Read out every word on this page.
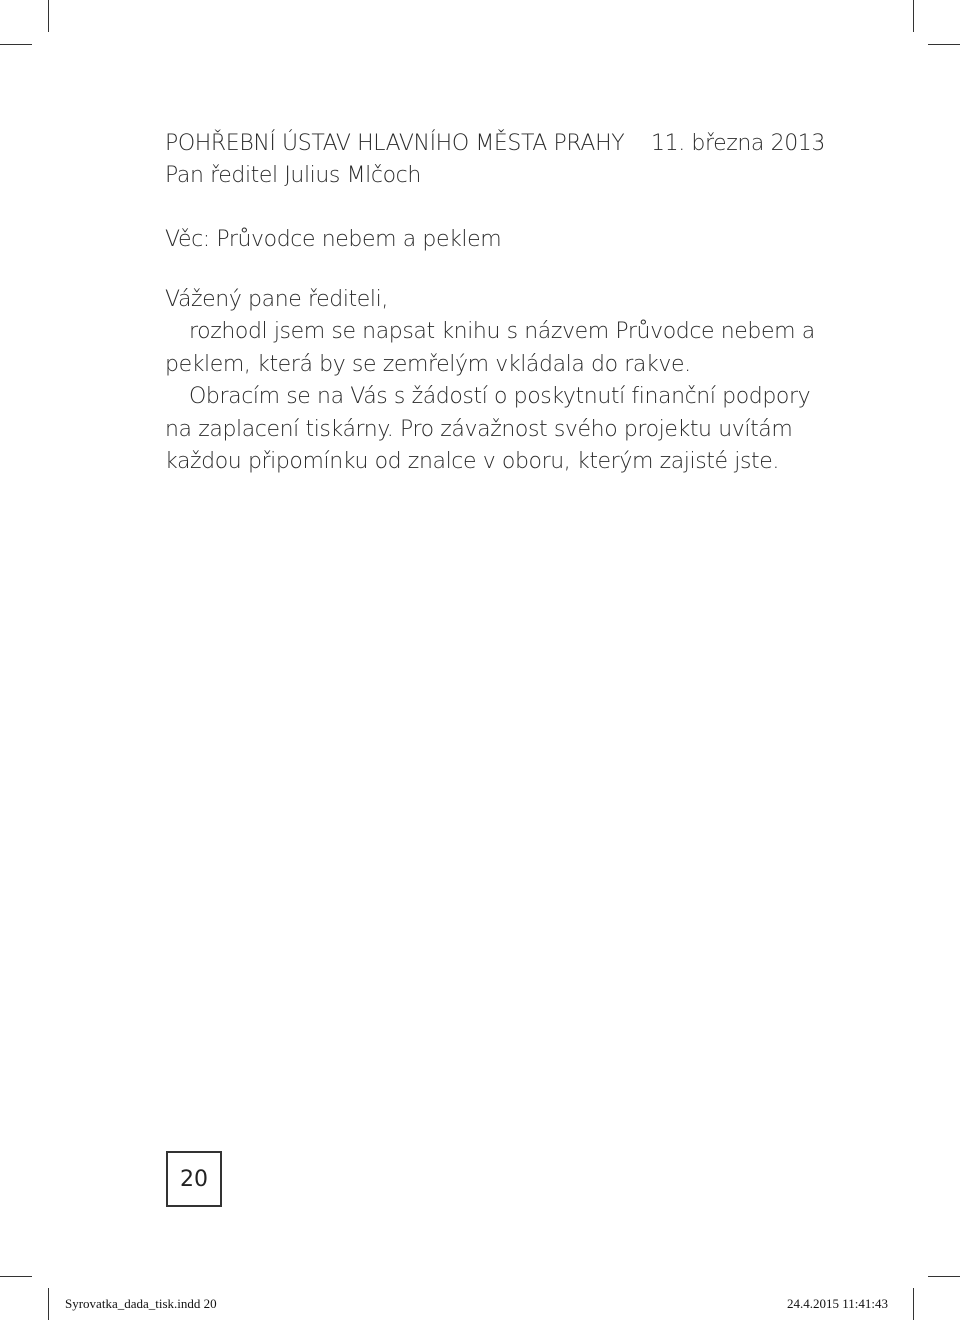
POHŘEBNÍ ÚSTAV HLAVNÍHO MĚSTA PRAHY 11. března 2013
Pan ředitel Julius Mlčoch
Věc: Průvodce nebem a peklem
Vážený pane řediteli,

rozhodl jsem se napsat knihu s názvem Průvodce nebem a peklem, která by se zemřelým vkládala do rakve.

Obracím se na Vás s žádostí o poskytnutí finanční podpory na zaplacení tiskárny. Pro závažnost svého projektu uvítám každou připomínku od znalce v oboru, kterým zajisté jste.

20
Syrovatka_dada_tisk.indd 20	24.4.2015 11:41:43
